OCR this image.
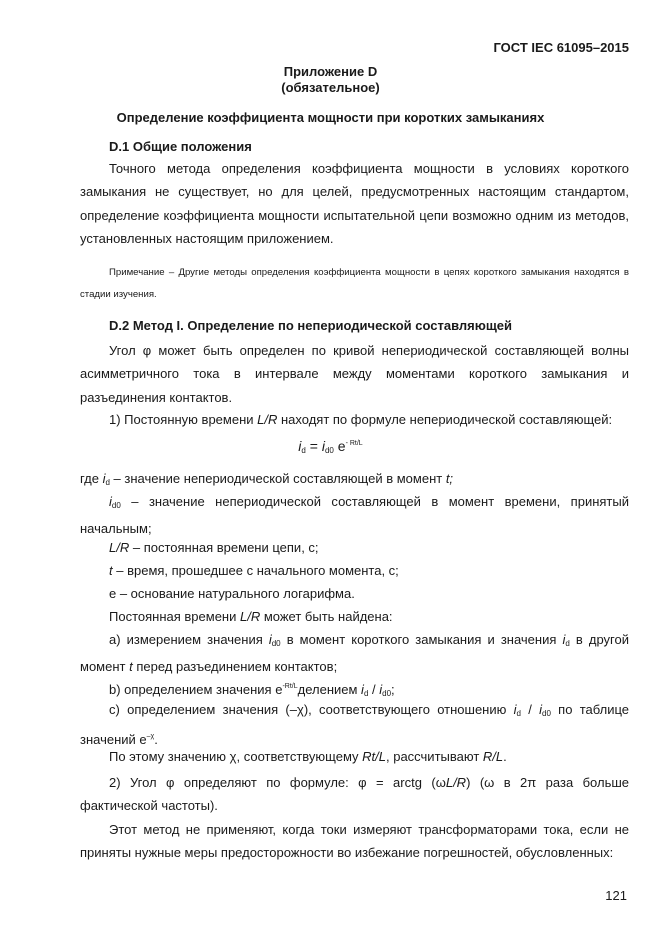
ГОСТ IEC 61095–2015
Приложение D
(обязательное)
Определение коэффициента мощности при коротких замыканиях
D.1 Общие положения
Точного метода определения коэффициента мощности в условиях короткого замыкания не существует, но для целей, предусмотренных настоящим стандартом, определение коэффициента мощности испытательной цепи возможно одним из методов, установленных настоящим приложением.
Примечание – Другие методы определения коэффициента мощности в цепях короткого замыкания находятся в стадии изучения.
D.2 Метод I. Определение по непериодической составляющей
Угол φ может быть определен по кривой непериодической составляющей волны асимметричного тока в интервале между моментами короткого замыкания и разъединения контактов.
1) Постоянную времени L/R находят по формуле непериодической составляющей:
$i_d = i_{d0}$ $e^{- Rt/L}$
где $i_d$ – значение непериодической составляющей в момент t;
$i_{d0}$ – значение непериодической составляющей в момент времени, принятый начальным;
L/R – постоянная времени цепи, с;
t – время, прошедшее с начального момента, с;
е – основание натурального логарифма.
Постоянная времени L/R может быть найдена:
а) измерением значения $i_{d0}$ в момент короткого замыкания и значения $i_d$ в другой момент t перед разъединением контактов;
b) определением значения $е^{-Rt/L}делением$ $i_d / i_{d0}$;
с) определением значения (–χ), соответствующего отношению $i_d / i_{d0}$ по таблице значений $е^{-\chi}$.
По этому значению χ, соответствующему Rt/L, рассчитывают R/L.
2) Угол φ определяют по формуле: φ = arctg (ωL/R) (ω в 2π раза больше фактической частоты).
Этот метод не применяют, когда токи измеряют трансформаторами тока, если не приняты нужные меры предосторожности во избежание погрешностей, обусловленных:
121
